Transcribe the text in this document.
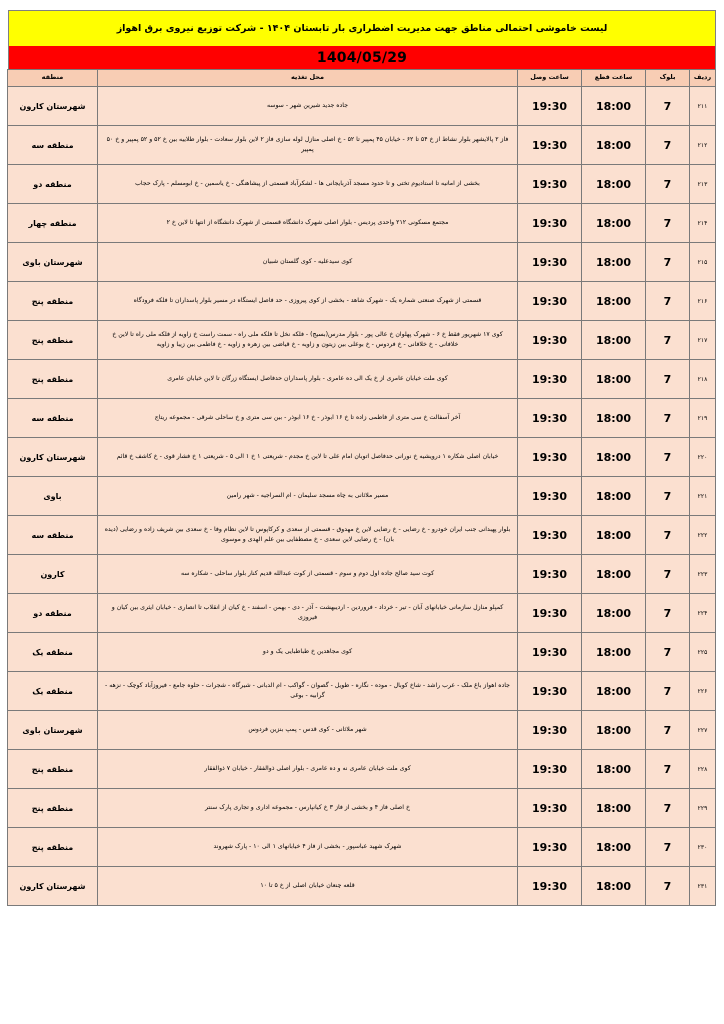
لیست خاموشی احتمالی مناطق جهت مدیریت اضطراری بار تابستان ۱۴۰۴ - شرکت توزیع نیروی برق اهواز
1404/05/29
ردیف	بلوک	ساعت قطع	ساعت وصل	محل تغذیه	منطقه
۲۱۱	7	18:00	19:30	جاده جدید شیرین شهر - سوسه	شهرستان کارون
۲۱۲	7	18:00	19:30	فاز ۲ پالایشهر بلوار نشاط از خ ۵۴ تا ۶۲ - خیابان ۴۵ پمپیر تا ۵۲ - خ اصلی منازل لوله سازی فاز ۲ لاین بلوار سعادت - بلوار طلاییه بین خ ۵۲ و ۵۲ پمپیر و خ ۵۰ پمپیر	منطقه سه
۲۱۳	7	18:00	19:30	بخشی از امانیه تا استادیوم تختی و تا حدود مسجد آذربایجانی ها - لشکرآباد قسمتی از پیشاهنگی - خ یاسمین - خ ابومسلم - پارک حجاب	منطقه دو
۲۱۴	7	18:00	19:30	مجتمع مسکونی ۲۱۲ واحدی پردیس - بلوار اصلی شهرک دانشگاه قسمتی از شهرک دانشگاه از انتها تا لاین خ ۲	منطقه چهار
۲۱۵	7	18:00	19:30	کوی سیدعلیه - کوی گلستان شبیان	شهرستان باوی
۲۱۶	7	18:00	19:30	قسمتی از شهرک صنعتی شماره یک - شهرک شاهد - بخشی از کوی پیروزی - حد فاصل ایستگاه در مسیر بلوار پاسداران تا فلکه فرودگاه	منطقه پنج
۲۱۷	7	18:00	19:30	کوی ۱۷ شهریور فقط خ ۶ - شهرک پهلوان خ عالی پور - بلوار مدرس(بسیج) - فلکه نخل تا فلکه ملی راه - سمت راست خ زاویه از فلکه ملی راه تا لاین خ خلافانی - خ خلافانی - خ فردوس - خ بوعلی بین زیتون و زاویه - خ قیاضی بین زهره و زاویه - خ فاطمی بین زیبا و زاویه	منطقه پنج
۲۱۸	7	18:00	19:30	کوی ملت خیابان عامری از خ یک الی ده عامری - بلوار پاسداران حدفاصل ایستگاه زرگان تا لاین خیابان عامری	منطقه پنج
۲۱۹	7	18:00	19:30	آخر آسفالت خ سی متری از فاطمی زاده تا خ ۱۶ ابوذر - خ ۱۶ ابوذر - بین سی متری و خ ساحلی شرقی - مجموعه ریتاج	منطقه سه
۲۲۰	7	18:00	19:30	خیابان اصلی شکاره ۱ درویشیه خ نورانی حدفاصل اتوبان امام علی تا لاین خ مجدم - شریعتی ۱ خ ۱ الی ۵ - شریعتی ۱ خ فشار قوی - خ کاشف خ قائم	شهرستان کارون
۲۲۱	7	18:00	19:30	مسیر ملاثانی به چاه مسجد سلیمان - ام السراجیه - شهر رامین	باوی
۲۲۲	7	18:00	19:30	بلوار پهبدانی جنب ایران خودرو - خ رضایی - خ رضایی لاین خ مهدوق - قسمتی از سعدی و کرکاپوس تا لاین نظام وفا - خ سعدی بین شریف زاده و رضایی (دیده بان) - خ رضایی لاین سعدی - خ مصطفایی بین علم الهدی و موسوی	منطقه سه
۲۲۳	7	18:00	19:30	کوت سید صالح جاده اول دوم و سوم - قسمتی از کوت عبدالله قدیم کنار بلوار ساحلی - شکاره سه	کارون
۲۲۴	7	18:00	19:30	کمپلو منازل سازمانی خیابانهای آبان - تیر - خرداد - فروردین - اردیبهشت - آذر - دی - بهمن - اسفند - خ کیان از انقلاب تا انصاری - خیابان ایثری بین کیان و فیروزی	منطقه دو
۲۲۵	7	18:00	19:30	کوی مجاهدین خ طباطبایی یک و دو	منطقه یک
۲۲۶	7	18:00	19:30	جاده اهواز باغ ملک - عرب راشد - شاخ کوبال - موده - نگاره - طویل - گصوان - گواکب - ام الدبانی - شیرگاه - شجرات - حلوه جامع - فیروزآباد کوچک - نزهه - گرابیه - بوغی	منطقه یک
۲۲۷	7	18:00	19:30	شهر ملاثانی - کوی قدس - پمپ بنزین فردوس	شهرستان باوی
۲۲۸	7	18:00	19:30	کوی ملت خیابان عامری نه و ده عامری - بلوار اصلی ذوالفقار - خیابان ۷ ذوالفقار	منطقه پنج
۲۲۹	7	18:00	19:30	خ اصلی فاز ۴ و بخشی از فاز ۳ خ کیانپارس - مجموعه اداری و تجاری پارک سنتر	منطقه پنج
۲۳۰	7	18:00	19:30	شهرک شهید عباسپور - بخشی از فاز ۴ خیابانهای ۱ الی ۱۰ - پارک شهروند	منطقه پنج
۲۳۱	7	18:00	19:30	قلعه چنعان خیابان اصلی از خ ۵ تا ۱۰	شهرستان کارون
